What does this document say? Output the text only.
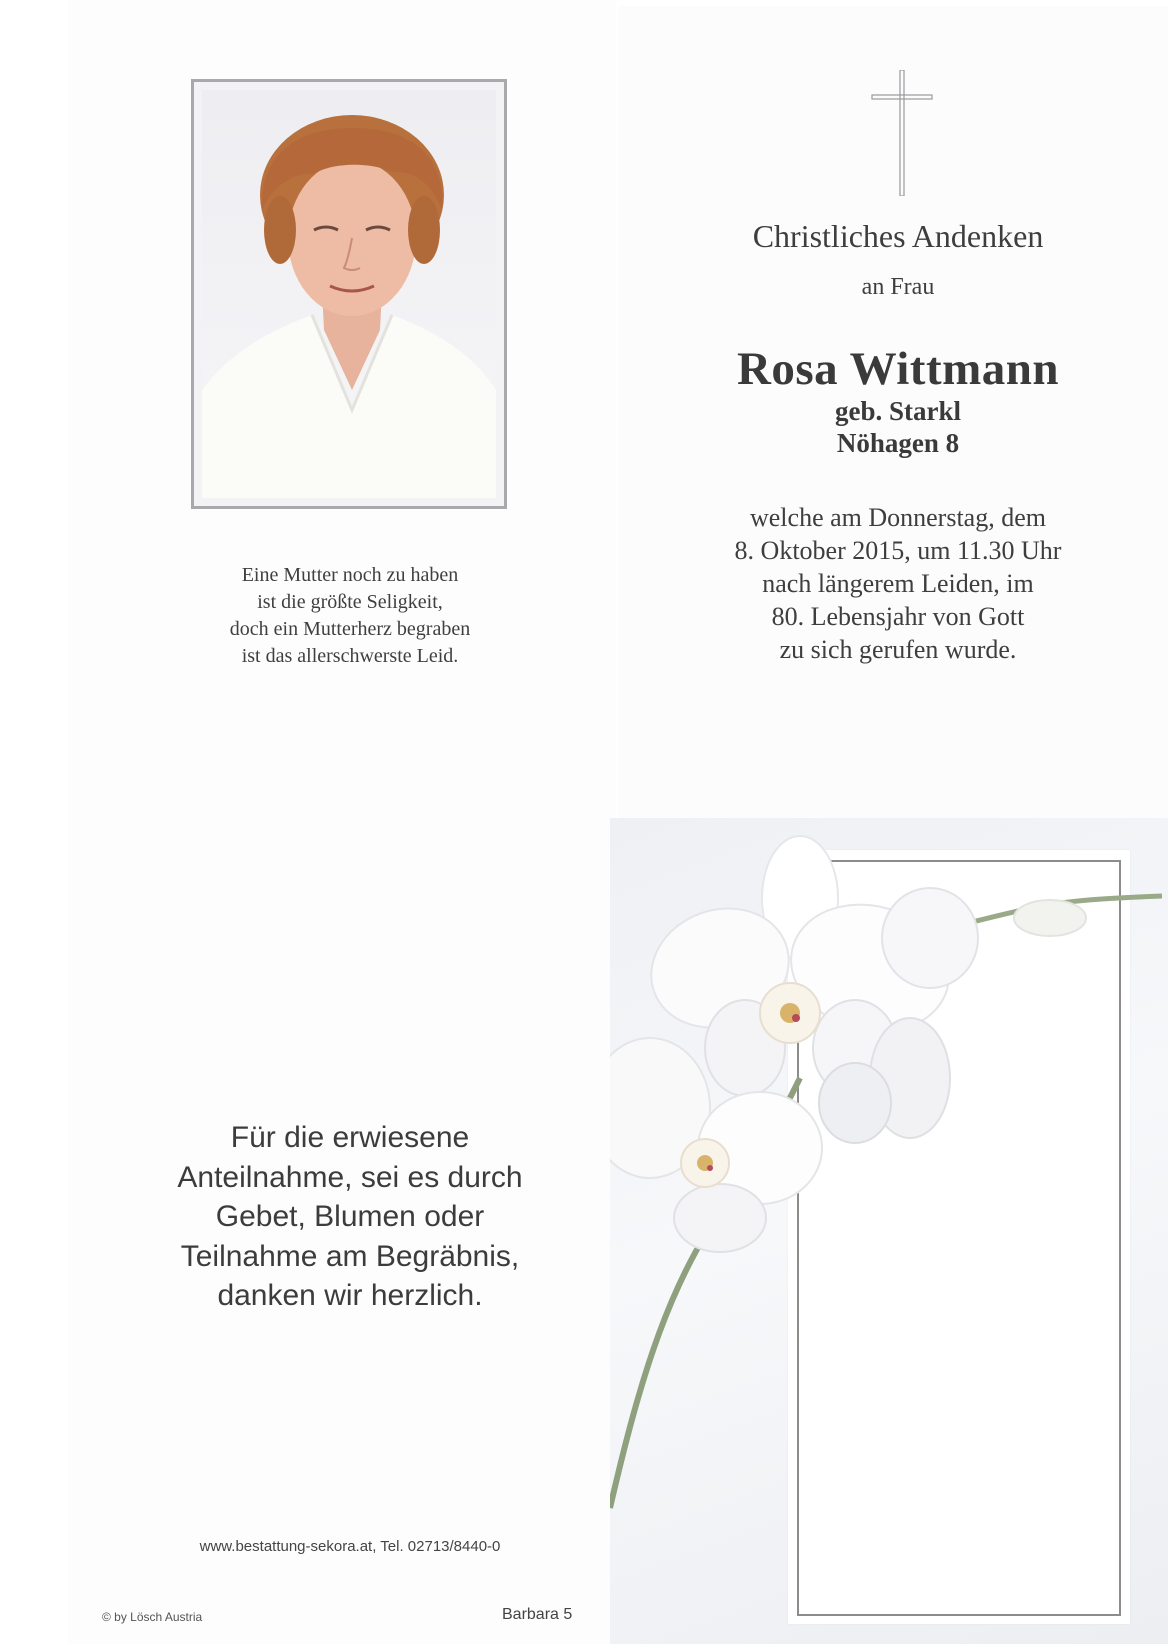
Eine Mutter noch zu haben
ist die größte Seligkeit,
doch ein Mutterherz begraben
ist das allerschwerste Leid.
Christliches Andenken
an Frau
Rosa Wittmann
geb. Starkl
Nöhagen 8
welche am Donnerstag, dem
8. Oktober 2015, um 11.30 Uhr
nach längerem Leiden, im
80. Lebensjahr von Gott
zu sich gerufen wurde.
Für die erwiesene
Anteilnahme, sei es durch
Gebet, Blumen oder
Teilnahme am Begräbnis,
danken wir herzlich.
www.bestattung-sekora.at, Tel. 02713/8440-0
© by Lösch Austria	Barbara 5
